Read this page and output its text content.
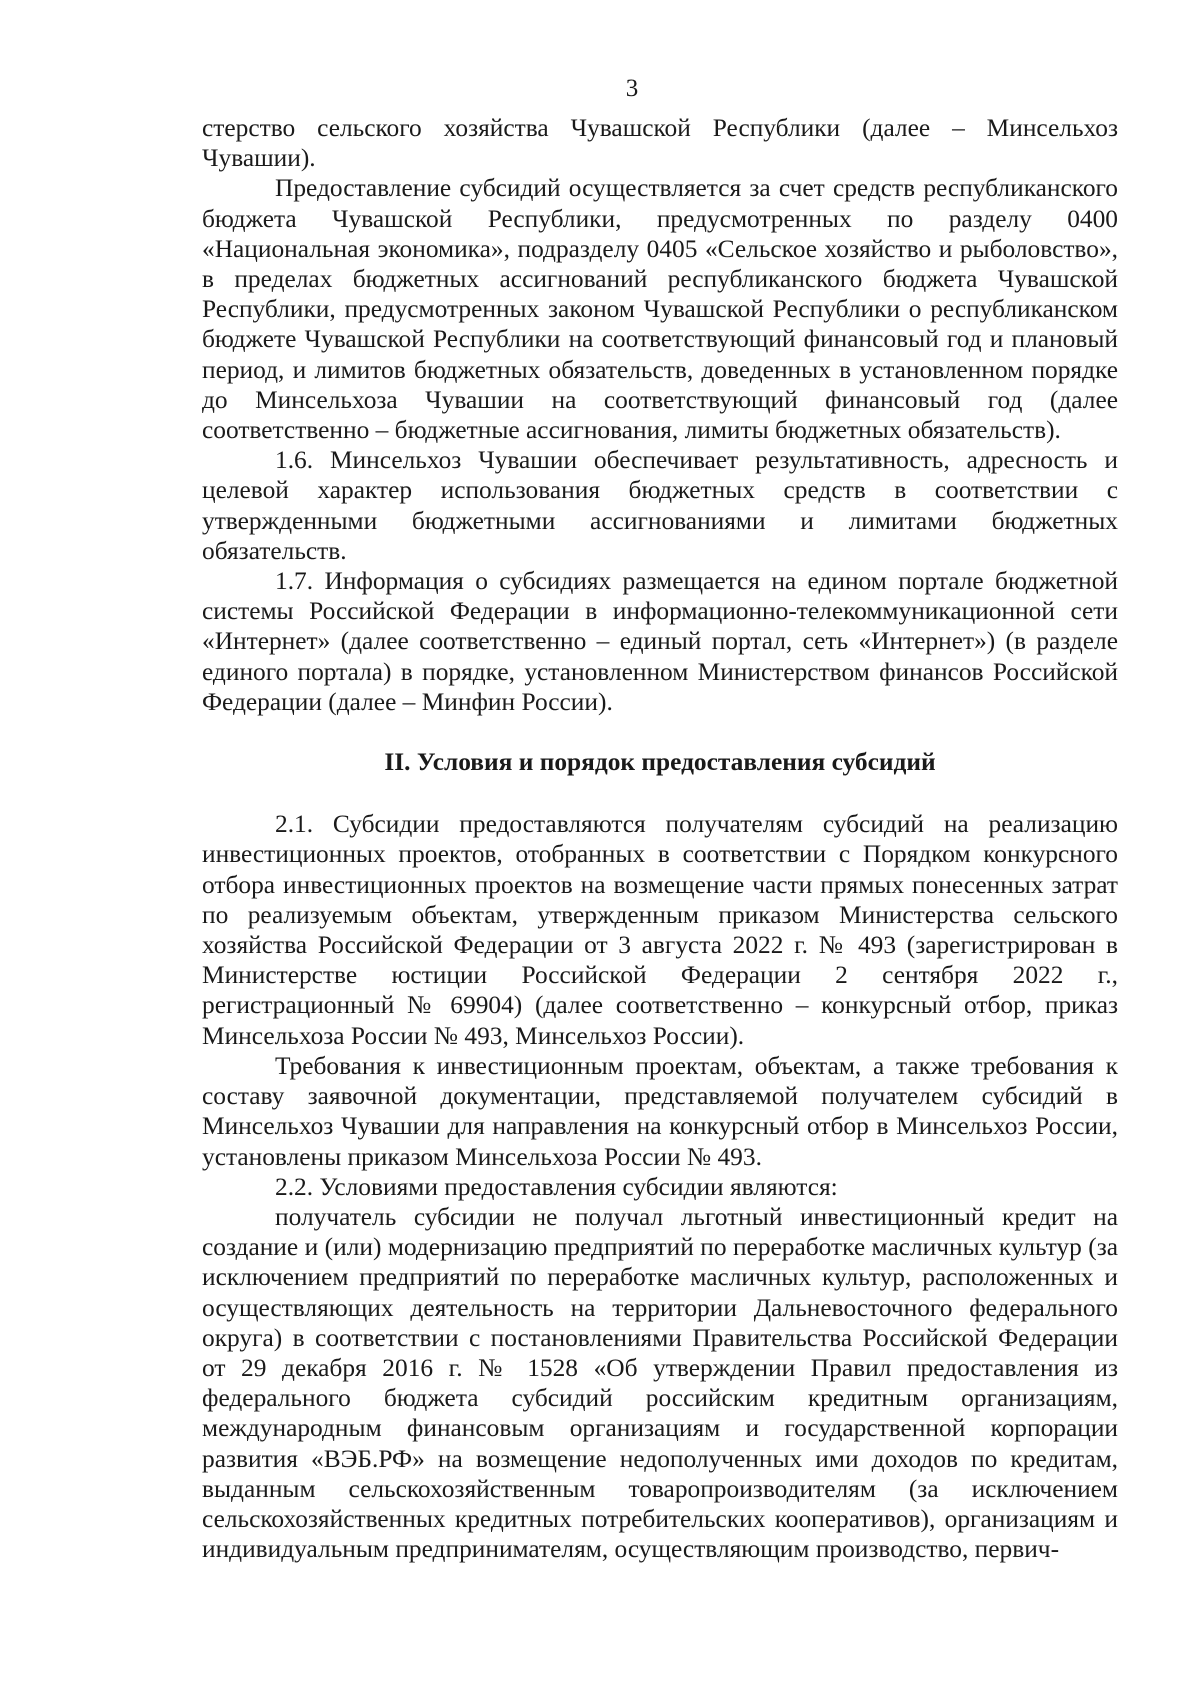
3

стерство сельского хозяйства Чувашской Республики (далее – Минсельхоз Чувашии).

Предоставление субсидий осуществляется за счет средств республиканского бюджета Чувашской Республики, предусмотренных по разделу 0400 «Национальная экономика», подразделу 0405 «Сельское хозяйство и рыболовство», в пределах бюджетных ассигнований республиканского бюджета Чувашской Республики, предусмотренных законом Чувашской Республики о республиканском бюджете Чувашской Республики на соответствующий финансовый год и плановый период, и лимитов бюджетных обязательств, доведенных в установленном порядке до Минсельхоза Чувашии на соответствующий финансовый год (далее соответственно – бюджетные ассигнования, лимиты бюджетных обязательств).

1.6. Минсельхоз Чувашии обеспечивает результативность, адресность и целевой характер использования бюджетных средств в соответствии с утвержденными бюджетными ассигнованиями и лимитами бюджетных обязательств.

1.7. Информация о субсидиях размещается на едином портале бюджетной системы Российской Федерации в информационно-телекоммуникационной сети «Интернет» (далее соответственно – единый портал, сеть «Интернет») (в разделе единого портала) в порядке, установленном Министерством финансов Российской Федерации (далее – Минфин России).

II. Условия и порядок предоставления субсидий

2.1. Субсидии предоставляются получателям субсидий на реализацию инвестиционных проектов, отобранных в соответствии с Порядком конкурсного отбора инвестиционных проектов на возмещение части прямых понесенных затрат по реализуемым объектам, утвержденным приказом Министерства сельского хозяйства Российской Федерации от 3 августа 2022 г. № 493 (зарегистрирован в Министерстве юстиции Российской Федерации 2 сентября 2022 г., регистрационный № 69904) (далее соответственно – конкурсный отбор, приказ Минсельхоза России № 493, Минсельхоз России).

Требования к инвестиционным проектам, объектам, а также требования к составу заявочной документации, представляемой получателем субсидий в Минсельхоз Чувашии для направления на конкурсный отбор в Минсельхоз России, установлены приказом Минсельхоза России № 493.

2.2. Условиями предоставления субсидии являются:

получатель субсидии не получал льготный инвестиционный кредит на создание и (или) модернизацию предприятий по переработке масличных культур (за исключением предприятий по переработке масличных культур, расположенных и осуществляющих деятельность на территории Дальневосточного федерального округа) в соответствии с постановлениями Правительства Российской Федерации от 29 декабря 2016 г. № 1528 «Об утверждении Правил предоставления из федерального бюджета субсидий российским кредитным организациям, международным финансовым организациям и государственной корпорации развития «ВЭБ.РФ» на возмещение недополученных ими доходов по кредитам, выданным сельскохозяйственным товаропроизводителям (за исключением сельскохозяйственных кредитных потребительских кооперативов), организациям и индивидуальным предпринимателям, осуществляющим производство, первич-
